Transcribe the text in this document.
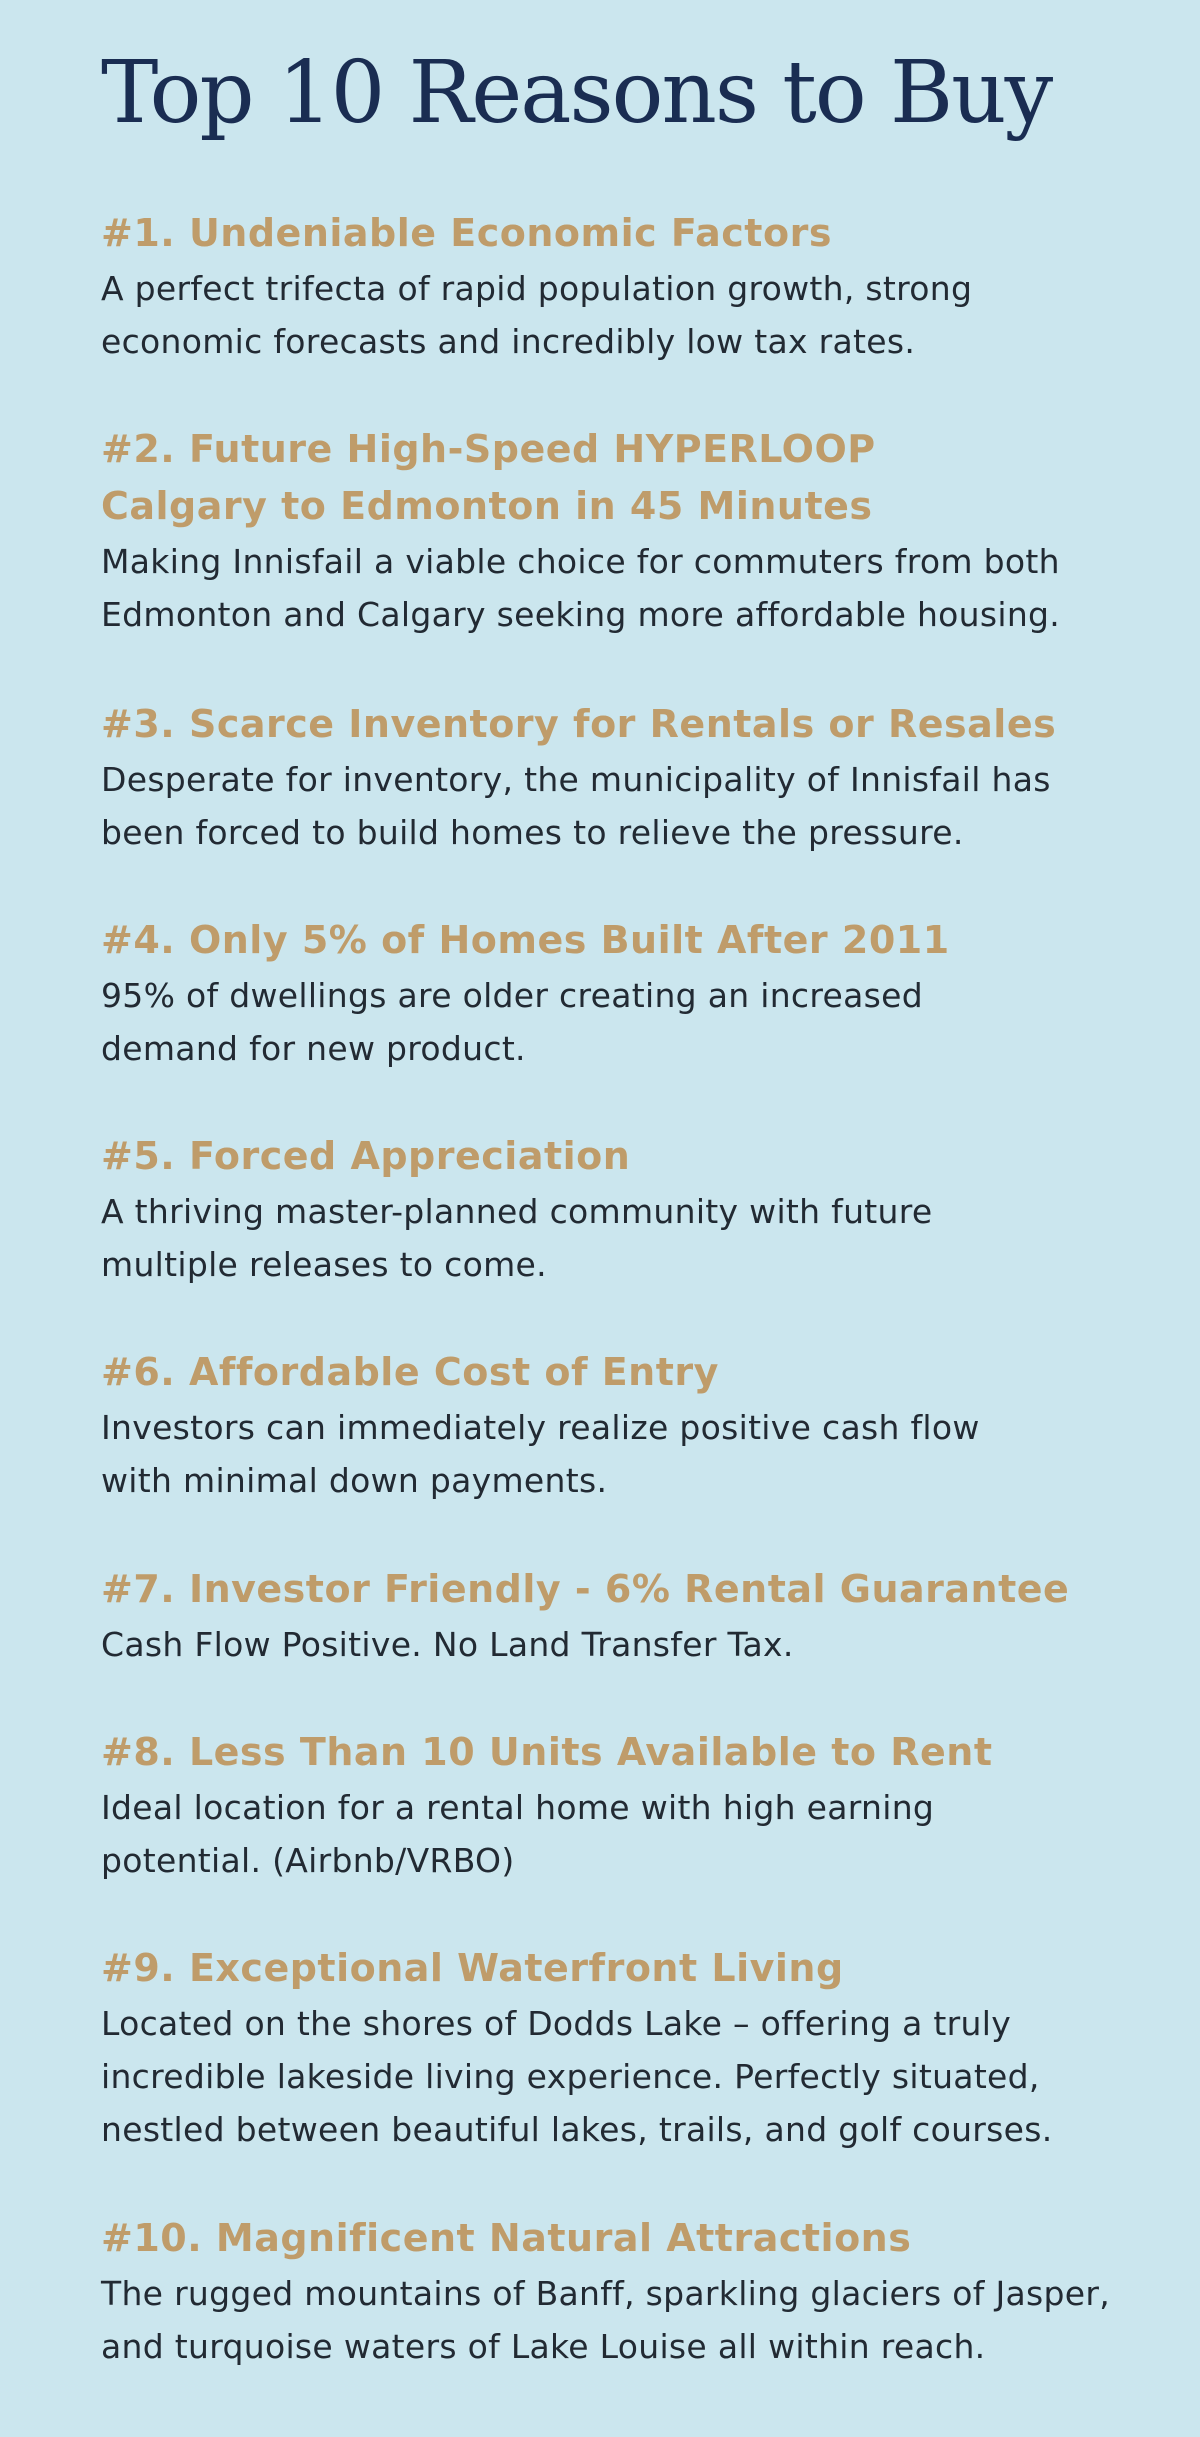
Top 10 Reasons to Buy
#1. Undeniable Economic Factors

A perfect trifecta of rapid population growth, strong
economic forecasts and incredibly low tax rates.

#2. Future High-Speed HYPERLOOP
Calgary to Edmonton in 45 Minutes

Making Innisfail a viable choice for commuters from both
Edmonton and Calgary seeking more affordable housing.

#3. Scarce Inventory for Rentals or Resales

Desperate for inventory, the municipality of Innisfail has
been forced to build homes to relieve the pressure.

#4. Only 5% of Homes Built After 2011

95% of dwellings are older creating an increased
demand for new product.

#5. Forced Appreciation

A thriving master-planned community with future
multiple releases to come.

#6. Affordable Cost of Entry

Investors can immediately realize positive cash flow
with minimal down payments.

#7. Investor Friendly - 6% Rental Guarantee

Cash Flow Positive. No Land Transfer Tax.

#8. Less Than 10 Units Available to Rent

Ideal location for a rental home with high earning
potential. (Airbnb/VRBO)

#9. Exceptional Waterfront Living

Located on the shores of Dodds Lake – offering a truly
incredible lakeside living experience. Perfectly situated,
nestled between beautiful lakes, trails, and golf courses.

#10. Magnificent Natural Attractions

The rugged mountains of Banff, sparkling glaciers of Jasper,
and turquoise waters of Lake Louise all within reach.
